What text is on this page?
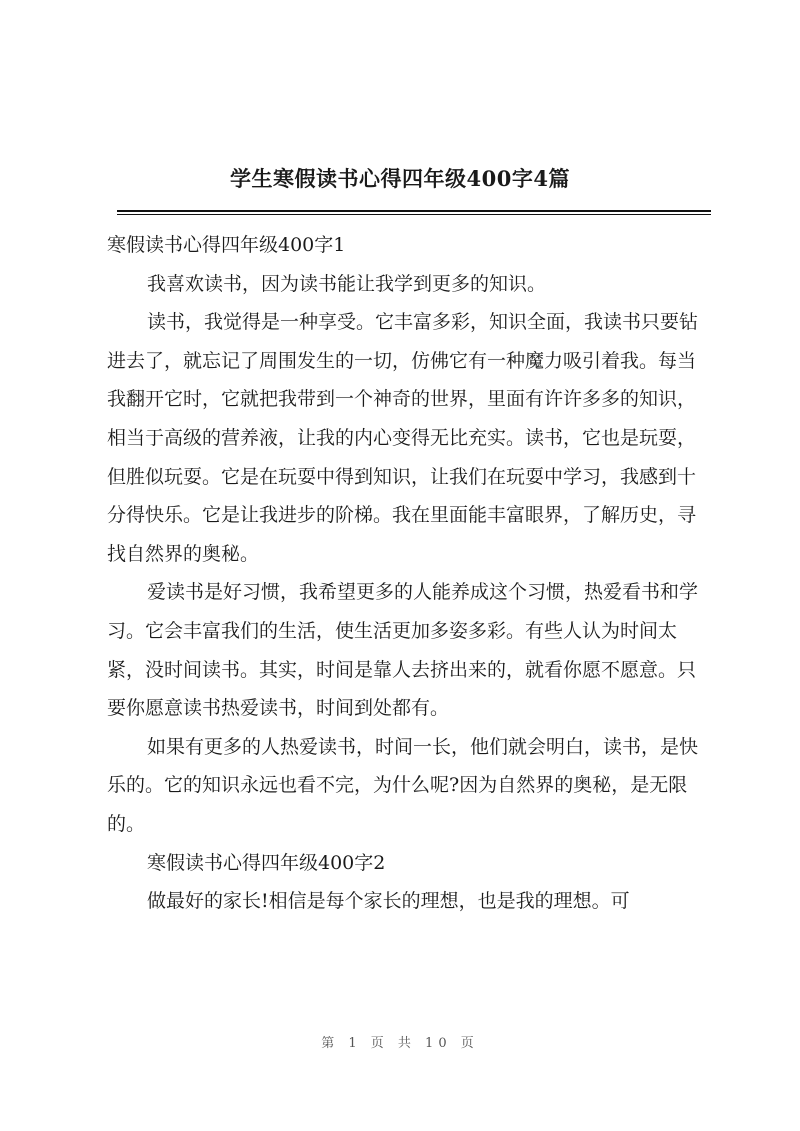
学生寒假读书心得四年级400字4篇

寒假读书心得四年级400字1

我喜欢读书，因为读书能让我学到更多的知识。

读书，我觉得是一种享受。它丰富多彩，知识全面，我读书只要钻进去了，就忘记了周围发生的一切，仿佛它有一种魔力吸引着我。每当我翻开它时，它就把我带到一个神奇的世界，里面有许许多多的知识，相当于高级的营养液，让我的内心变得无比充实。读书，它也是玩耍，但胜似玩耍。它是在玩耍中得到知识，让我们在玩耍中学习，我感到十分得快乐。它是让我进步的阶梯。我在里面能丰富眼界，了解历史，寻找自然界的奥秘。

爱读书是好习惯，我希望更多的人能养成这个习惯，热爱看书和学习。它会丰富我们的生活，使生活更加多姿多彩。有些人认为时间太紧，没时间读书。其实，时间是靠人去挤出来的，就看你愿不愿意。只要你愿意读书热爱读书，时间到处都有。

如果有更多的人热爱读书，时间一长，他们就会明白，读书，是快乐的。它的知识永远也看不完，为什么呢?因为自然界的奥秘，是无限的。

寒假读书心得四年级400字2

做最好的家长!相信是每个家长的理想，也是我的理想。可

第 1 页 共 10 页
